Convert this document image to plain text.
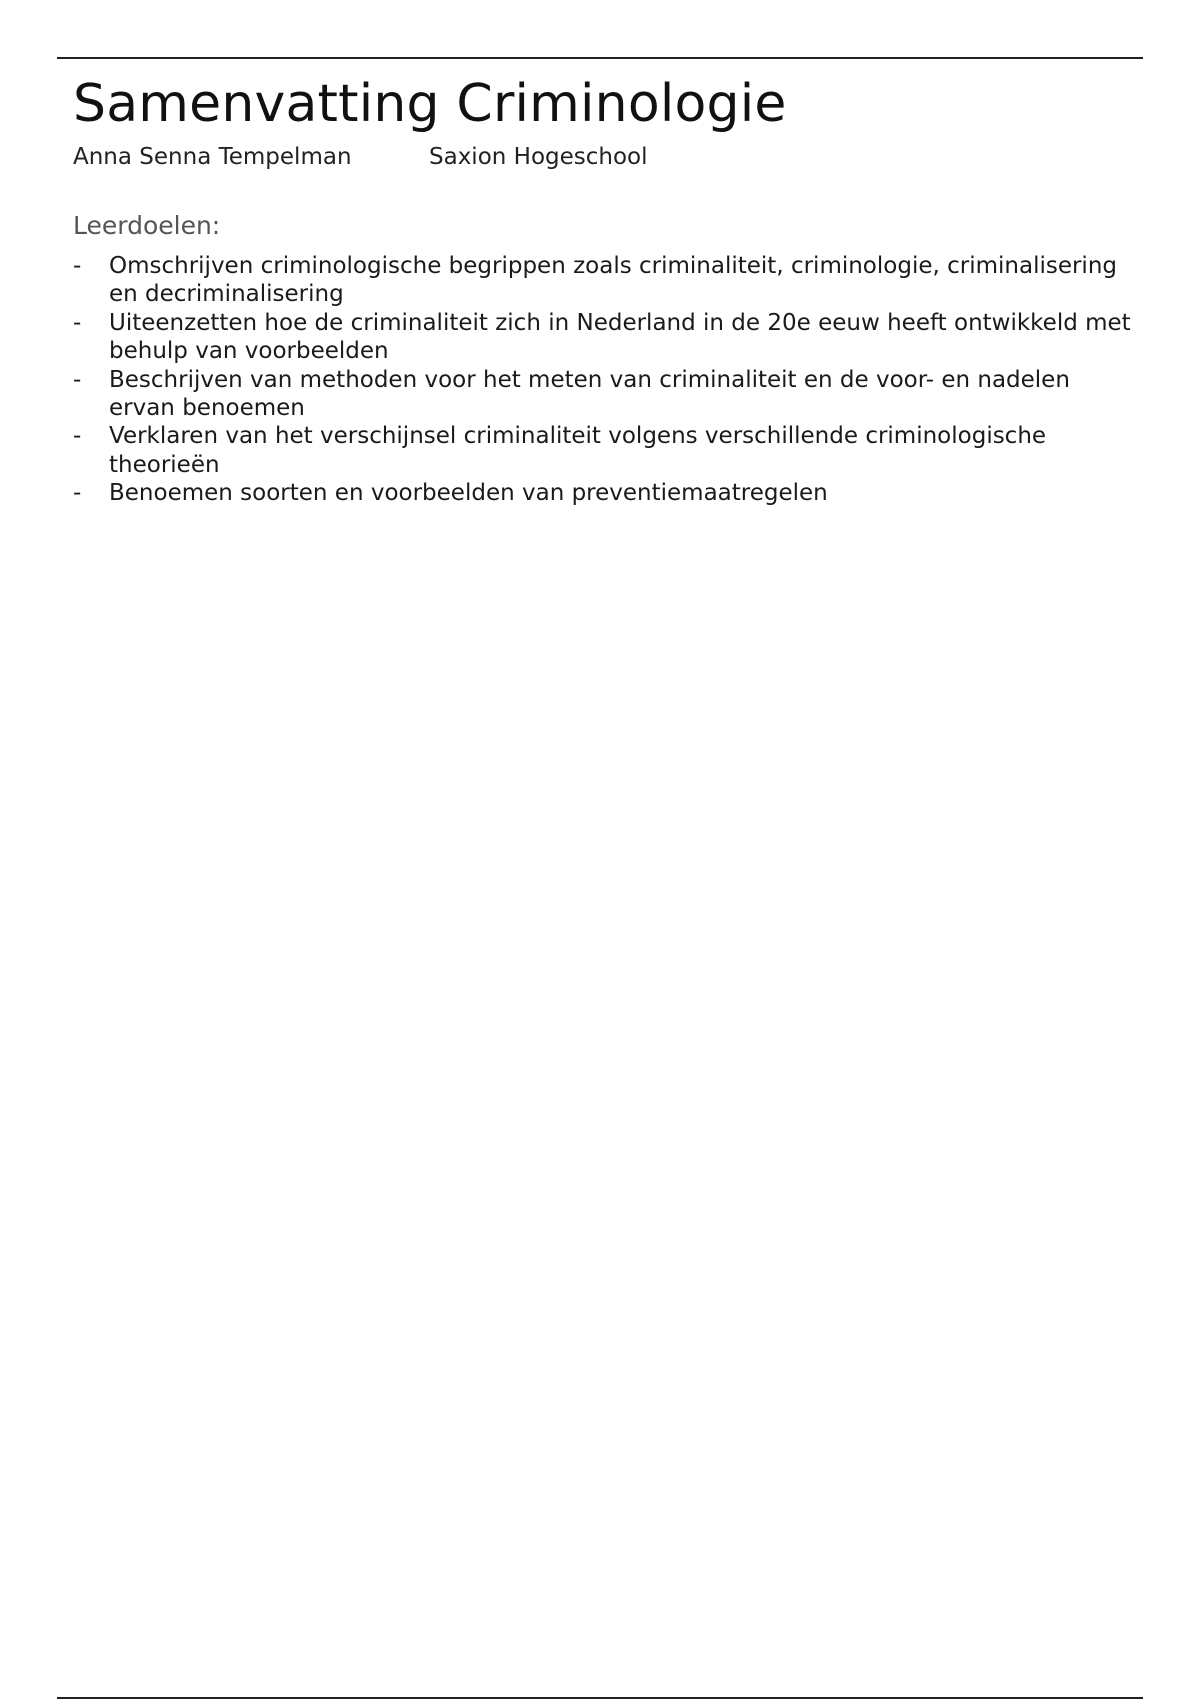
Samenvatting Criminologie
Anna Senna Tempelman	Saxion Hogeschool
Leerdoelen:
- Omschrijven criminologische begrippen zoals criminaliteit, criminologie, criminalisering en decriminalisering
- Uiteenzetten hoe de criminaliteit zich in Nederland in de 20e eeuw heeft ontwikkeld met behulp van voorbeelden
- Beschrijven van methoden voor het meten van criminaliteit en de voor- en nadelen ervan benoemen
- Verklaren van het verschijnsel criminaliteit volgens verschillende criminologische theorieën
- Benoemen soorten en voorbeelden van preventiemaatregelen
